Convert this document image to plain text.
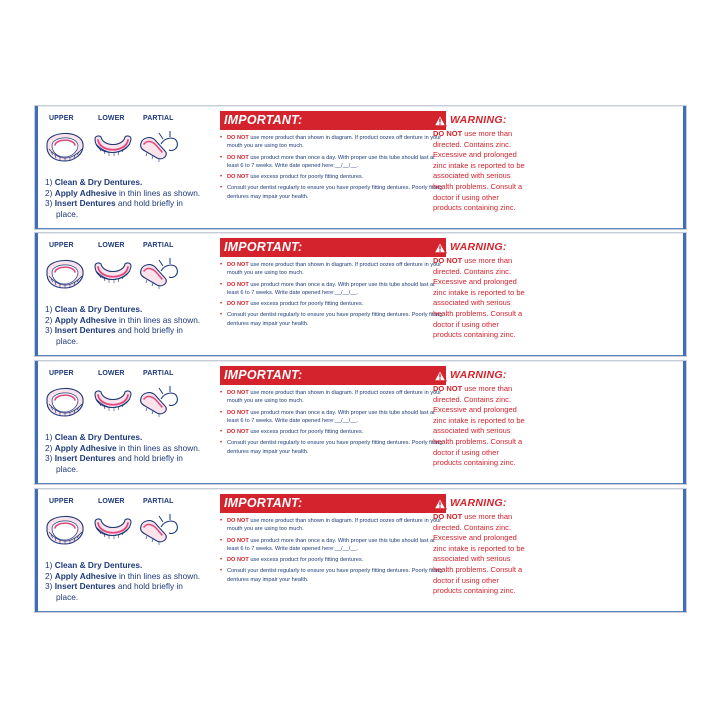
UPPER	LOWER	PARTIAL
1) Clean & Dry Dentures.
2) Apply Adhesive in thin lines as shown.
3) Insert Dentures and hold briefly in
place.
IMPORTANT:
• DO NOT use more product than shown in diagram. If product oozes off denture in your mouth you are using too much.
• DO NOT use product more than once a day. With proper use this tube should last at least 6 to 7 weeks. Write date opened here:__/__/__.
• DO NOT use excess product for poorly fitting dentures.
• Consult your dentist regularly to ensure you have properly fitting dentures. Poorly fitting dentures may impair your health.
WARNING:
DO NOT use more than directed. Contains zinc. Excessive and prolonged zinc intake is reported to be associated with serious health problems. Consult a doctor if using other products containing zinc.
UPPER	LOWER	PARTIAL
1) Clean & Dry Dentures.
2) Apply Adhesive in thin lines as shown.
3) Insert Dentures and hold briefly in
place.
IMPORTANT:
• DO NOT use more product than shown in diagram. If product oozes off denture in your mouth you are using too much.
• DO NOT use product more than once a day. With proper use this tube should last at least 6 to 7 weeks. Write date opened here:__/__/__.
• DO NOT use excess product for poorly fitting dentures.
• Consult your dentist regularly to ensure you have properly fitting dentures. Poorly fitting dentures may impair your health.
WARNING:
DO NOT use more than directed. Contains zinc. Excessive and prolonged zinc intake is reported to be associated with serious health problems. Consult a doctor if using other products containing zinc.
UPPER	LOWER	PARTIAL
1) Clean & Dry Dentures.
2) Apply Adhesive in thin lines as shown.
3) Insert Dentures and hold briefly in
place.
IMPORTANT:
• DO NOT use more product than shown in diagram. If product oozes off denture in your mouth you are using too much.
• DO NOT use product more than once a day. With proper use this tube should last at least 6 to 7 weeks. Write date opened here:__/__/__.
• DO NOT use excess product for poorly fitting dentures.
• Consult your dentist regularly to ensure you have properly fitting dentures. Poorly fitting dentures may impair your health.
WARNING:
DO NOT use more than directed. Contains zinc. Excessive and prolonged zinc intake is reported to be associated with serious health problems. Consult a doctor if using other products containing zinc.
UPPER	LOWER	PARTIAL
1) Clean & Dry Dentures.
2) Apply Adhesive in thin lines as shown.
3) Insert Dentures and hold briefly in
place.
IMPORTANT:
• DO NOT use more product than shown in diagram. If product oozes off denture in your mouth you are using too much.
• DO NOT use product more than once a day. With proper use this tube should last at least 6 to 7 weeks. Write date opened here:__/__/__.
• DO NOT use excess product for poorly fitting dentures.
• Consult your dentist regularly to ensure you have properly fitting dentures. Poorly fitting dentures may impair your health.
WARNING:
DO NOT use more than directed. Contains zinc. Excessive and prolonged zinc intake is reported to be associated with serious health problems. Consult a doctor if using other products containing zinc.
